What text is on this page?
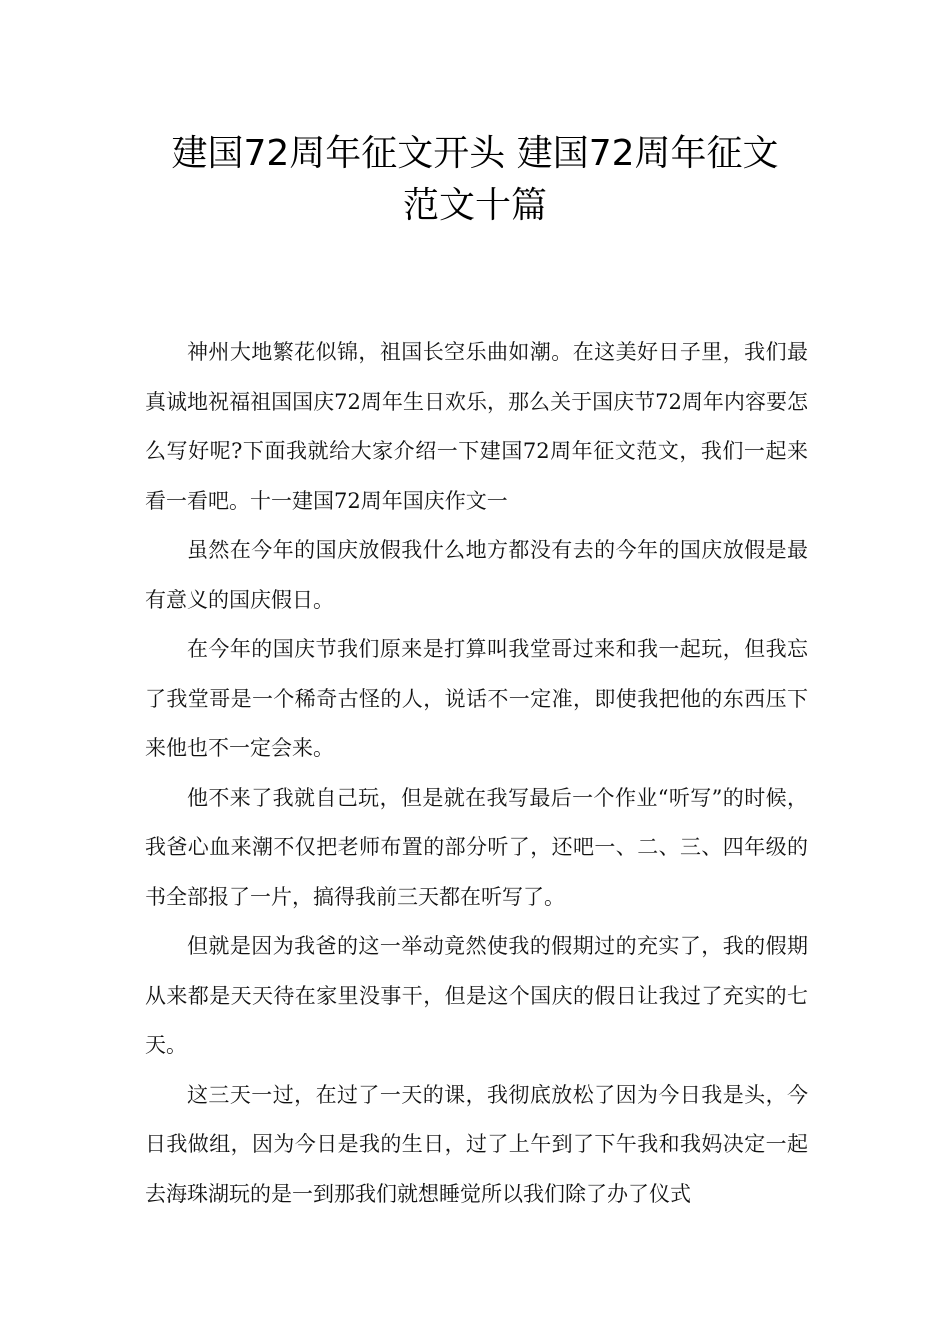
建国72周年征文开头 建国72周年征文
范文十篇

神州大地繁花似锦，祖国长空乐曲如潮。在这美好日子里，我们最真诚地祝福祖国国庆72周年生日欢乐，那么关于国庆节72周年内容要怎么写好呢?下面我就给大家介绍一下建国72周年征文范文，我们一起来看一看吧。十一建国72周年国庆作文一

虽然在今年的国庆放假我什么地方都没有去的今年的国庆放假是最有意义的国庆假日。

在今年的国庆节我们原来是打算叫我堂哥过来和我一起玩，但我忘了我堂哥是一个稀奇古怪的人，说话不一定准，即使我把他的东西压下来他也不一定会来。

他不来了我就自己玩，但是就在我写最后一个作业“听写”的时候，我爸心血来潮不仅把老师布置的部分听了，还吧一、二、三、四年级的书全部报了一片，搞得我前三天都在听写了。

但就是因为我爸的这一举动竟然使我的假期过的充实了，我的假期从来都是天天待在家里没事干，但是这个国庆的假日让我过了充实的七天。

这三天一过，在过了一天的课，我彻底放松了因为今日我是头，今日我做组，因为今日是我的生日，过了上午到了下午我和我妈决定一起去海珠湖玩的是一到那我们就想睡觉所以我们除了办了仪式
